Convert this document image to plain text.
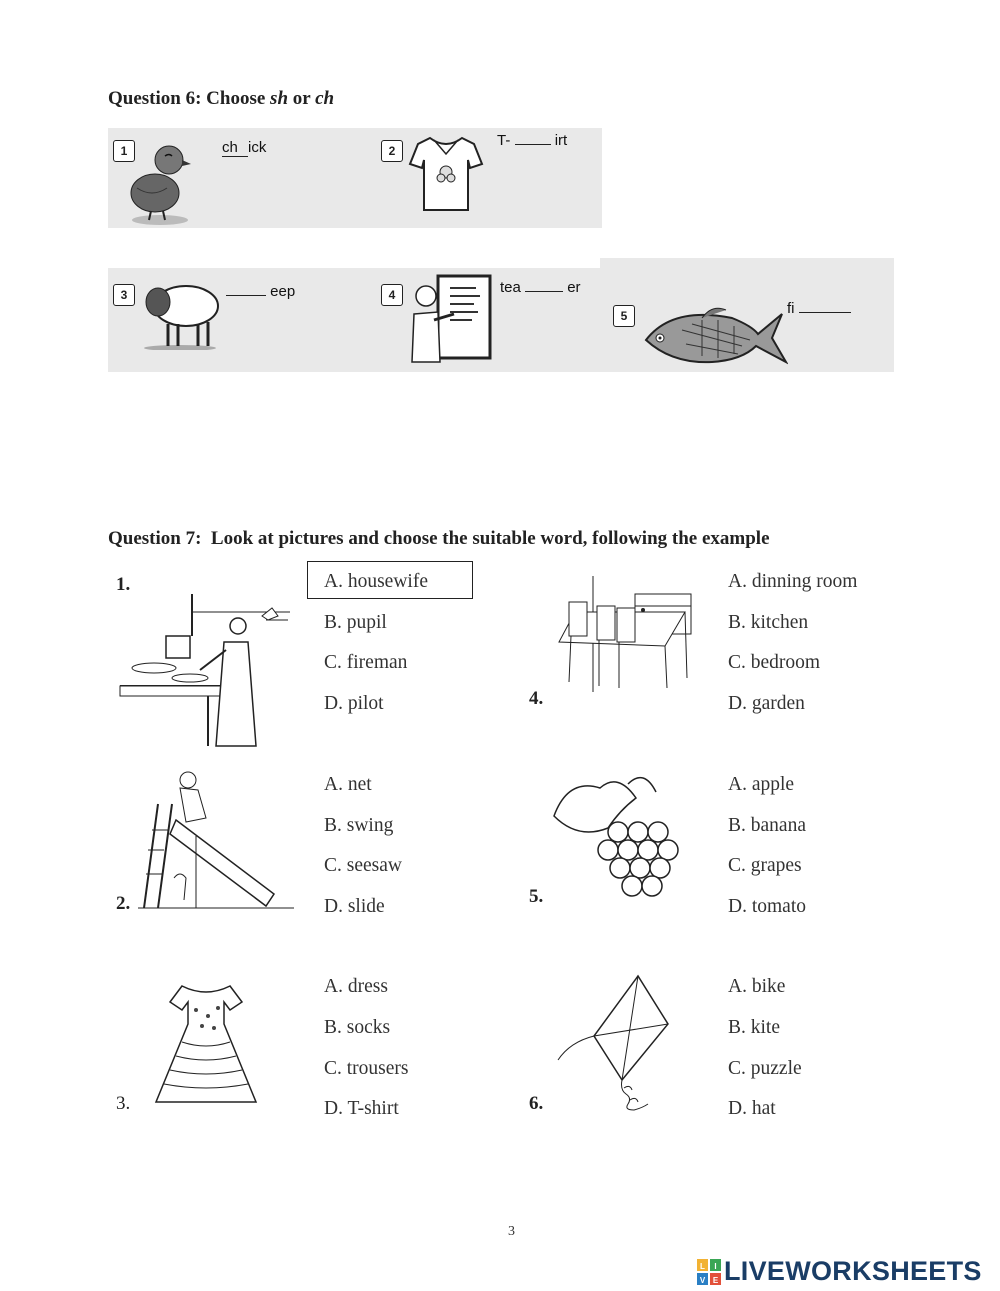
Question 6: Choose sh or ch
1	ch ick	2
T-	irt
3	eep	4	tea	er
5	fi
Question 7:  Look at pictures and choose the suitable word, following the example
1.	A. housewife
B. pupil
C. fireman
D. pilot	4.
A. dinning room
B. kitchen
C. bedroom
D. garden
2.
A. net
B. swing
C. seesaw
D. slide	5.
A. apple
B. banana
C. grapes
D. tomato
3.
A. dress
B. socks
C. trousers
D. T-shirt	6.
A. bike
B. kite
C. puzzle
D. hat
3
L I
V E LIVEWORKSHEETS
